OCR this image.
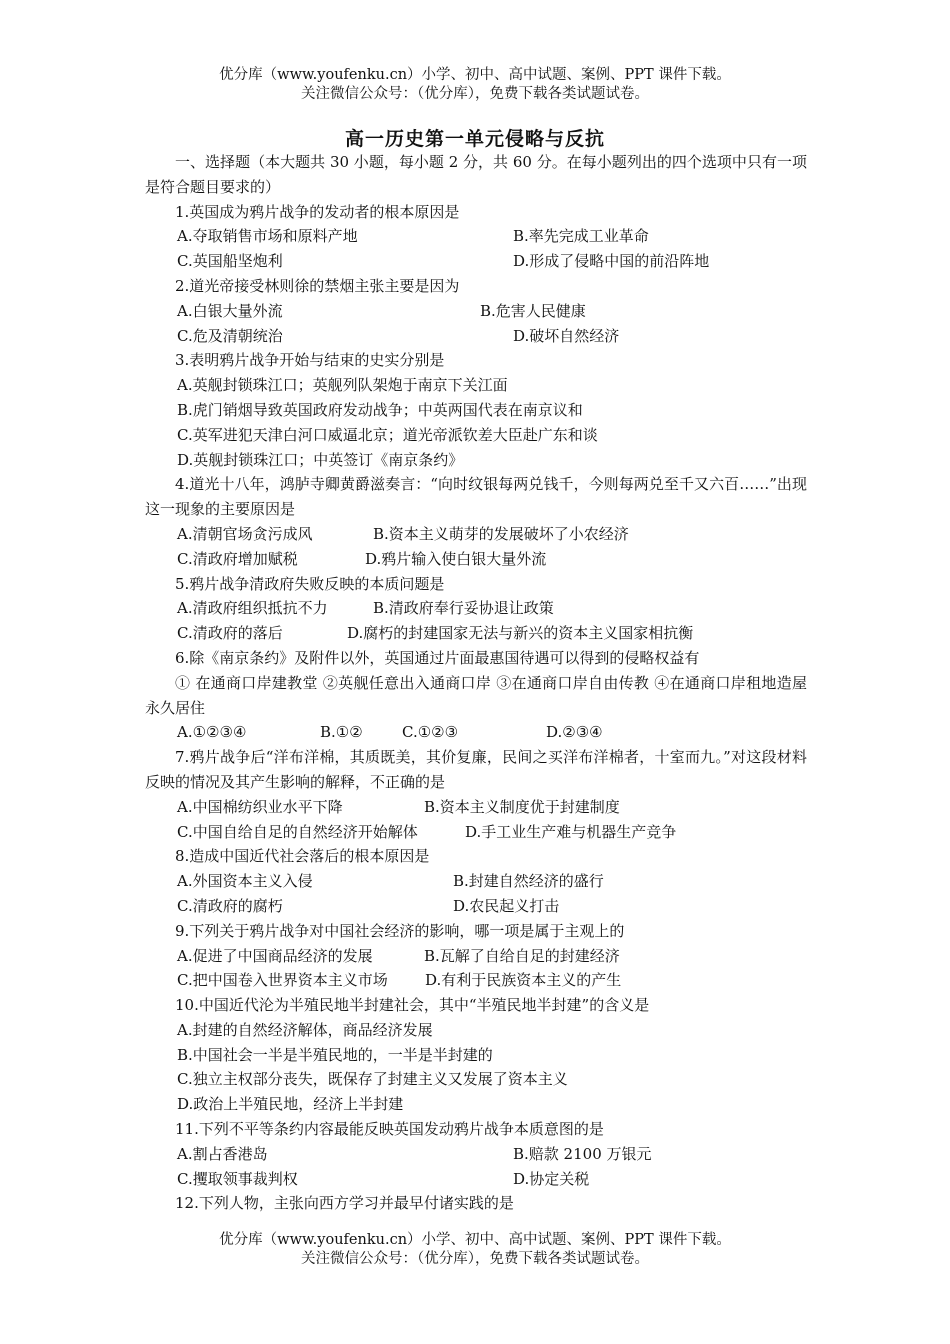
优分库（www.youfenku.cn）小学、初中、高中试题、案例、PPT 课件下载。
关注微信公众号：（优分库），免费下载各类试题试卷。
高一历史第一单元侵略与反抗
一、选择题（本大题共 30 小题，每小题 2 分，共 60 分。在每小题列出的四个选项中只有一项是符合题目要求的）
1.英国成为鸦片战争的发动者的根本原因是
A.夺取销售市场和原料产地	B.率先完成工业革命
C.英国船坚炮利	D.形成了侵略中国的前沿阵地
2.道光帝接受林则徐的禁烟主张主要是因为
A.白银大量外流	B.危害人民健康
C.危及清朝统治	D.破坏自然经济
3.表明鸦片战争开始与结束的史实分别是
A.英舰封锁珠江口；英舰列队架炮于南京下关江面
B.虎门销烟导致英国政府发动战争；中英两国代表在南京议和
C.英军进犯天津白河口威逼北京；道光帝派钦差大臣赴广东和谈
D.英舰封锁珠江口；中英签订《南京条约》
4.道光十八年，鸿胪寺卿黄爵滋奏言：“向时纹银每两兑钱千，今则每两兑至千又六百……”出现这一现象的主要原因是
A.清朝官场贪污成风	B.资本主义萌芽的发展破坏了小农经济
C.清政府增加赋税	D.鸦片输入使白银大量外流
5.鸦片战争清政府失败反映的本质问题是
A.清政府组织抵抗不力	B.清政府奉行妥协退让政策
C.清政府的落后	D.腐朽的封建国家无法与新兴的资本主义国家相抗衡
6.除《南京条约》及附件以外，英国通过片面最惠国待遇可以得到的侵略权益有
① 在通商口岸建教堂 ②英舰任意出入通商口岸 ③在通商口岸自由传教 ④在通商口岸租地造屋永久居住
A.①②③④	B.①②	C.①②③	D.②③④
7.鸦片战争后“洋布洋棉，其质既美，其价复廉，民间之买洋布洋棉者，十室而九。”对这段材料反映的情况及其产生影响的解释，不正确的是
A.中国棉纺织业水平下降	B.资本主义制度优于封建制度
C.中国自给自足的自然经济开始解体	D.手工业生产难与机器生产竞争
8.造成中国近代社会落后的根本原因是
A.外国资本主义入侵	B.封建自然经济的盛行
C.清政府的腐朽	D.农民起义打击
9.下列关于鸦片战争对中国社会经济的影响，哪一项是属于主观上的
A.促进了中国商品经济的发展	B.瓦解了自给自足的封建经济
C.把中国卷入世界资本主义市场	D.有利于民族资本主义的产生
10.中国近代沦为半殖民地半封建社会，其中“半殖民地半封建”的含义是
A.封建的自然经济解体，商品经济发展
B.中国社会一半是半殖民地的，一半是半封建的
C.独立主权部分丧失，既保存了封建主义又发展了资本主义
D.政治上半殖民地，经济上半封建
11.下列不平等条约内容最能反映英国发动鸦片战争本质意图的是
A.割占香港岛	B.赔款 2100 万银元
C.攫取领事裁判权	D.协定关税
12.下列人物，主张向西方学习并最早付诸实践的是
优分库（www.youfenku.cn）小学、初中、高中试题、案例、PPT 课件下载。
关注微信公众号：（优分库），免费下载各类试题试卷。
